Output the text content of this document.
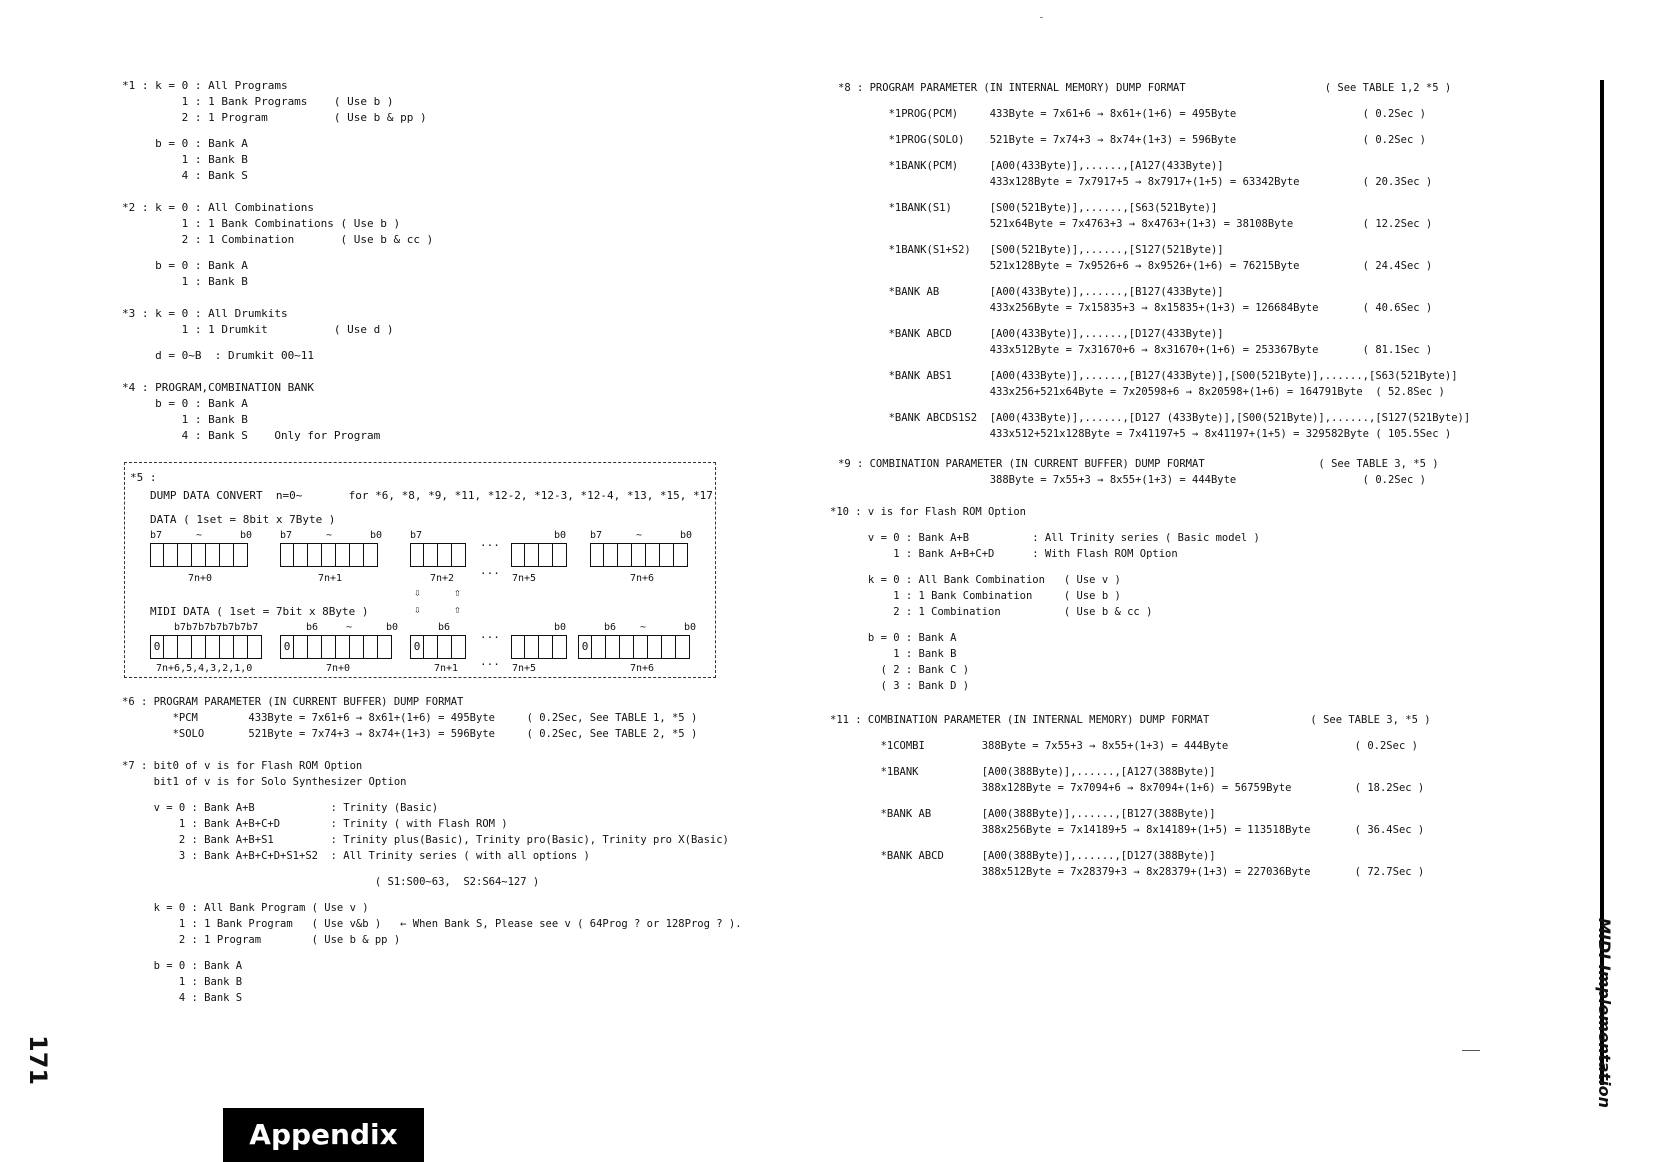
*1 : k = 0 : All Programs
1 : 1 Bank Programs    ( Use b )
2 : 1 Program          ( Use b & pp )
b = 0 : Bank A
1 : Bank B
4 : Bank S
*2 : k = 0 : All Combinations
1 : 1 Bank Combinations ( Use b )
2 : 1 Combination       ( Use b & cc )
b = 0 : Bank A
1 : Bank B
*3 : k = 0 : All Drumkits
1 : 1 Drumkit          ( Use d )
d = 0~B  : Drumkit 00~11
*4 : PROGRAM,COMBINATION BANK
b = 0 : Bank A
1 : Bank B
4 : Bank S    Only for Program
*5 :
DUMP DATA CONVERT  n=0~       for *6, *8, *9, *11, *12-2, *12-3, *12-4, *13, *15, *17
DATA ( 1set = 8bit x 7Byte )
b7	~	b0	b7	~	b0	b7	b0 b7	~	b0
...
7n+0	7n+1	7n+2	7n+5	7n+6
...
⇩	⇧
⇩	⇧
MIDI DATA ( 1set = 7bit x 8Byte )
b7b7b7b7b7b7b7	b6	~	b0	b6	b0	b6 ~	b0
0	0	0
...
0
7n+6,5,4,3,2,1,0	7n+0	7n+1	7n+5	7n+6
...
*6 : PROGRAM PARAMETER (IN CURRENT BUFFER) DUMP FORMAT
*PCM        433Byte = 7x61+6 → 8x61+(1+6) = 495Byte     ( 0.2Sec, See TABLE 1, *5 )
*SOLO       521Byte = 7x74+3 → 8x74+(1+3) = 596Byte     ( 0.2Sec, See TABLE 2, *5 )
*7 : bit0 of v is for Flash ROM Option
bit1 of v is for Solo Synthesizer Option
v = 0 : Bank A+B            : Trinity (Basic)
1 : Bank A+B+C+D        : Trinity ( with Flash ROM )
2 : Bank A+B+S1         : Trinity plus(Basic), Trinity pro(Basic), Trinity pro X(Basic)
3 : Bank A+B+C+D+S1+S2  : All Trinity series ( with all options )
( S1:S00~63,  S2:S64~127 )
k = 0 : All Bank Program ( Use v )
1 : 1 Bank Program   ( Use v&b )   ← When Bank S, Please see v ( 64Prog ? or 128Prog ? ).
2 : 1 Program        ( Use b & pp )
b = 0 : Bank A
1 : Bank B
4 : Bank S
*8 : PROGRAM PARAMETER (IN INTERNAL MEMORY) DUMP FORMAT                      ( See TABLE 1,2 *5 )
*1PROG(PCM)     433Byte = 7x61+6 → 8x61+(1+6) = 495Byte                    ( 0.2Sec )
*1PROG(SOLO)    521Byte = 7x74+3 → 8x74+(1+3) = 596Byte                    ( 0.2Sec )
*1BANK(PCM)     [A00(433Byte)],......,[A127(433Byte)]
433x128Byte = 7x7917+5 → 8x7917+(1+5) = 63342Byte          ( 20.3Sec )
*1BANK(S1)      [S00(521Byte)],......,[S63(521Byte)]
521x64Byte = 7x4763+3 → 8x4763+(1+3) = 38108Byte           ( 12.2Sec )
*1BANK(S1+S2)   [S00(521Byte)],......,[S127(521Byte)]
521x128Byte = 7x9526+6 → 8x9526+(1+6) = 76215Byte          ( 24.4Sec )
*BANK AB        [A00(433Byte)],......,[B127(433Byte)]
433x256Byte = 7x15835+3 → 8x15835+(1+3) = 126684Byte       ( 40.6Sec )
*BANK ABCD      [A00(433Byte)],......,[D127(433Byte)]
433x512Byte = 7x31670+6 → 8x31670+(1+6) = 253367Byte       ( 81.1Sec )
*BANK ABS1      [A00(433Byte)],......,[B127(433Byte)],[S00(521Byte)],......,[S63(521Byte)]
433x256+521x64Byte = 7x20598+6 → 8x20598+(1+6) = 164791Byte  ( 52.8Sec )
*BANK ABCDS1S2  [A00(433Byte)],......,[D127 (433Byte)],[S00(521Byte)],......,[S127(521Byte)]
433x512+521x128Byte = 7x41197+5 → 8x41197+(1+5) = 329582Byte ( 105.5Sec )
*9 : COMBINATION PARAMETER (IN CURRENT BUFFER) DUMP FORMAT                  ( See TABLE 3, *5 )
388Byte = 7x55+3 → 8x55+(1+3) = 444Byte                    ( 0.2Sec )
*10 : v is for Flash ROM Option
v = 0 : Bank A+B          : All Trinity series ( Basic model )
1 : Bank A+B+C+D      : With Flash ROM Option
k = 0 : All Bank Combination   ( Use v )
1 : 1 Bank Combination     ( Use b )
2 : 1 Combination          ( Use b & cc )
b = 0 : Bank A
1 : Bank B
( 2 : Bank C )
( 3 : Bank D )
*11 : COMBINATION PARAMETER (IN INTERNAL MEMORY) DUMP FORMAT                ( See TABLE 3, *5 )
*1COMBI         388Byte = 7x55+3 → 8x55+(1+3) = 444Byte                    ( 0.2Sec )
*1BANK          [A00(388Byte)],......,[A127(388Byte)]
388x128Byte = 7x7094+6 → 8x7094+(1+6) = 56759Byte          ( 18.2Sec )
*BANK AB        [A00(388Byte)],......,[B127(388Byte)]
388x256Byte = 7x14189+5 → 8x14189+(1+5) = 113518Byte       ( 36.4Sec )
*BANK ABCD      [A00(388Byte)],......,[D127(388Byte)]
388x512Byte = 7x28379+3 → 8x28379+(1+3) = 227036Byte       ( 72.7Sec )
MIDI Implementation
171
Appendix
